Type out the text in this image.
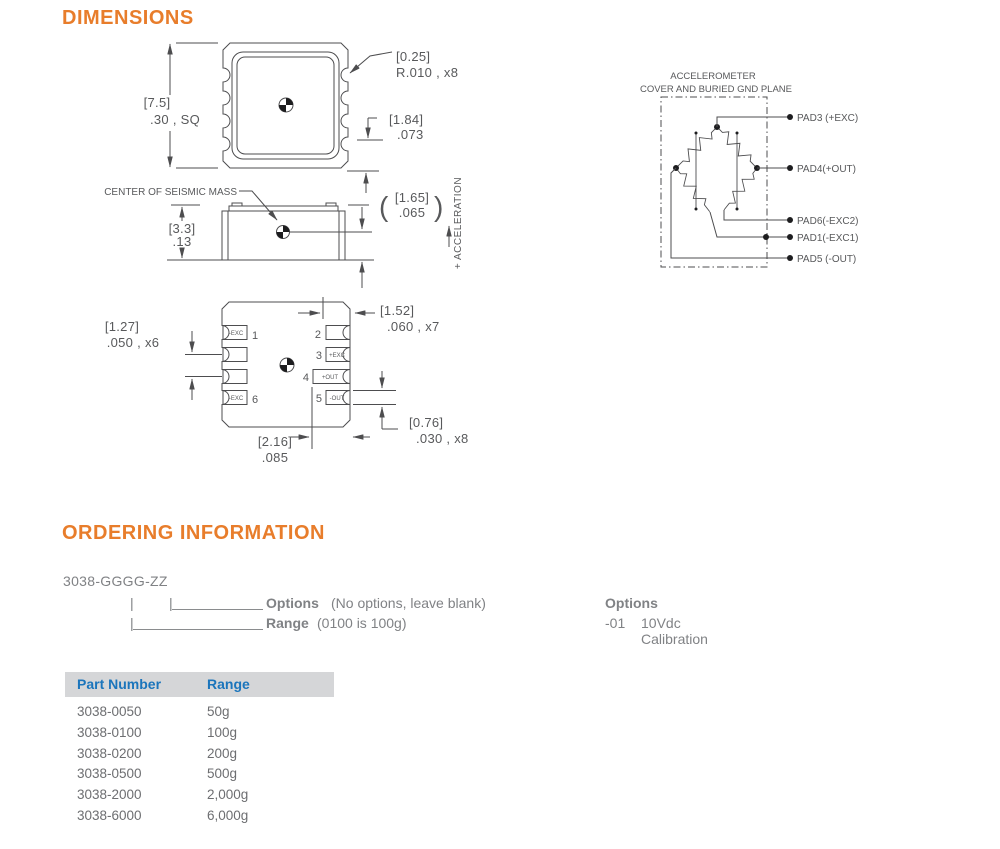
DIMENSIONS
[7.5]
.30 , SQ
[0.25]
R.010 , x8
[1.84]
.073
CENTER OF SEISMIC MASS
[3.3]
.13
( [1.65]
.065 ) + ACCELERATION
-EXC
-EXC
+EXC
+OUT
-OUT
1
6
2
3
4
5
[1.27]
.050 , x6
[1.52]
.060 , x7
[2.16]
.085
[0.76]
.030 , x8
ACCELEROMETER
COVER AND BURIED GND PLANE
PAD3 (+EXC)
PAD4(+OUT)
PAD6(-EXC2)
PAD1(-EXC1)
PAD5 (-OUT)
ORDERING INFORMATION
3038-GGGG-ZZ
|	|	Options (No options, leave blank)
|	Range (0100 is 100g)
Options
-01 10Vdc Calibration
Part Number	Range
3038-0050	50g
3038-0100	100g
3038-0200	200g
3038-0500	500g
3038-2000	2,000g
3038-6000	6,000g
